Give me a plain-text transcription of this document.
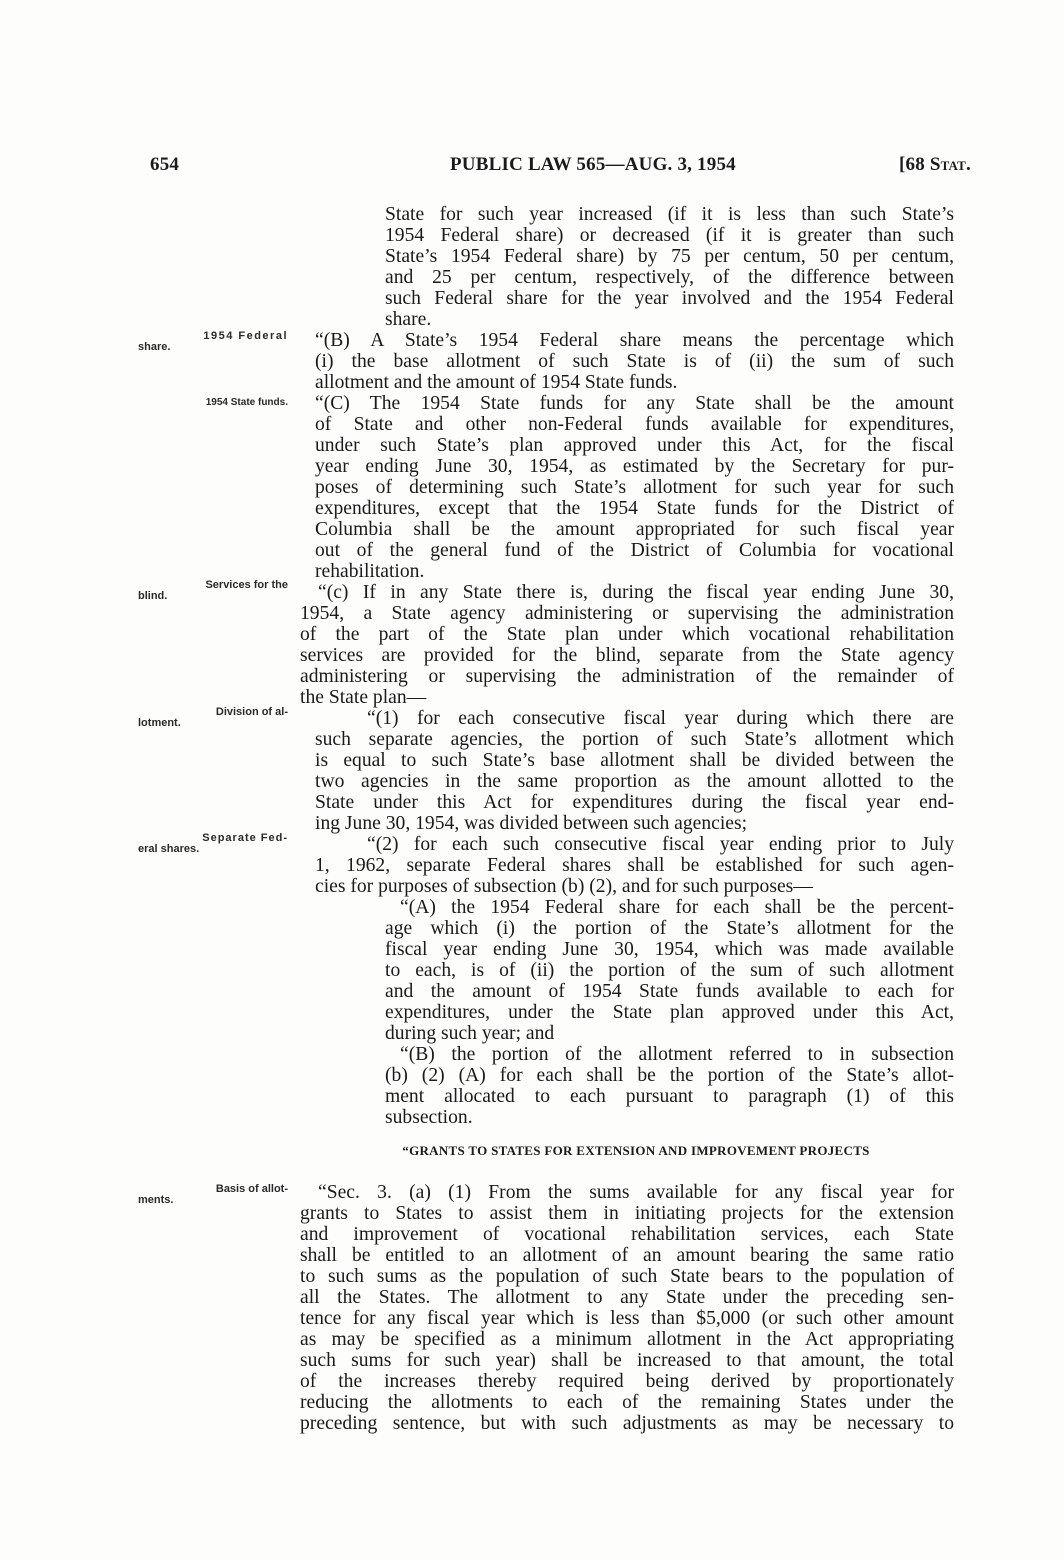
654	PUBLIC LAW 565—AUG. 3, 1954	[68 Stat.
1954 Federal
share.
1954 State funds.
Services for the
blind.
Division of al-
lotment.
Separate Fed-
eral shares.
Basis of allot-
ments.
State for such year increased (if it is less than such State’s
1954 Federal share) or decreased (if it is greater than such
State’s 1954 Federal share) by 75 per centum, 50 per centum,
and 25 per centum, respectively, of the difference between
such Federal share for the year involved and the 1954 Federal
share.
“(B) A State’s 1954 Federal share means the percentage which
(i) the base allotment of such State is of (ii) the sum of such
allotment and the amount of 1954 State funds.
“(C) The 1954 State funds for any State shall be the amount
of State and other non-Federal funds available for expenditures,
under such State’s plan approved under this Act, for the fiscal
year ending June 30, 1954, as estimated by the Secretary for pur-
poses of determining such State’s allotment for such year for such
expenditures, except that the 1954 State funds for the District of
Columbia shall be the amount appropriated for such fiscal year
out of the general fund of the District of Columbia for vocational
rehabilitation.
“(c) If in any State there is, during the fiscal year ending June 30,
1954, a State agency administering or supervising the administration
of the part of the State plan under which vocational rehabilitation
services are provided for the blind, separate from the State agency
administering or supervising the administration of the remainder of
the State plan—
“(1) for each consecutive fiscal year during which there are
such separate agencies, the portion of such State’s allotment which
is equal to such State’s base allotment shall be divided between the
two agencies in the same proportion as the amount allotted to the
State under this Act for expenditures during the fiscal year end-
ing June 30, 1954, was divided between such agencies;
“(2) for each such consecutive fiscal year ending prior to July
1, 1962, separate Federal shares shall be established for such agen-
cies for purposes of subsection (b) (2), and for such purposes—
“(A) the 1954 Federal share for each shall be the percent-
age which (i) the portion of the State’s allotment for the
fiscal year ending June 30, 1954, which was made available
to each, is of (ii) the portion of the sum of such allotment
and the amount of 1954 State funds available to each for
expenditures, under the State plan approved under this Act,
during such year; and
“(B) the portion of the allotment referred to in subsection
(b) (2) (A) for each shall be the portion of the State’s allot-
ment allocated to each pursuant to paragraph (1) of this
subsection.
“GRANTS TO STATES FOR EXTENSION AND IMPROVEMENT PROJECTS
“Sec. 3. (a) (1) From the sums available for any fiscal year for
grants to States to assist them in initiating projects for the extension
and improvement of vocational rehabilitation services, each State
shall be entitled to an allotment of an amount bearing the same ratio
to such sums as the population of such State bears to the population of
all the States. The allotment to any State under the preceding sen-
tence for any fiscal year which is less than $5,000 (or such other amount
as may be specified as a minimum allotment in the Act appropriating
such sums for such year) shall be increased to that amount, the total
of the increases thereby required being derived by proportionately
reducing the allotments to each of the remaining States under the
preceding sentence, but with such adjustments as may be necessary to
